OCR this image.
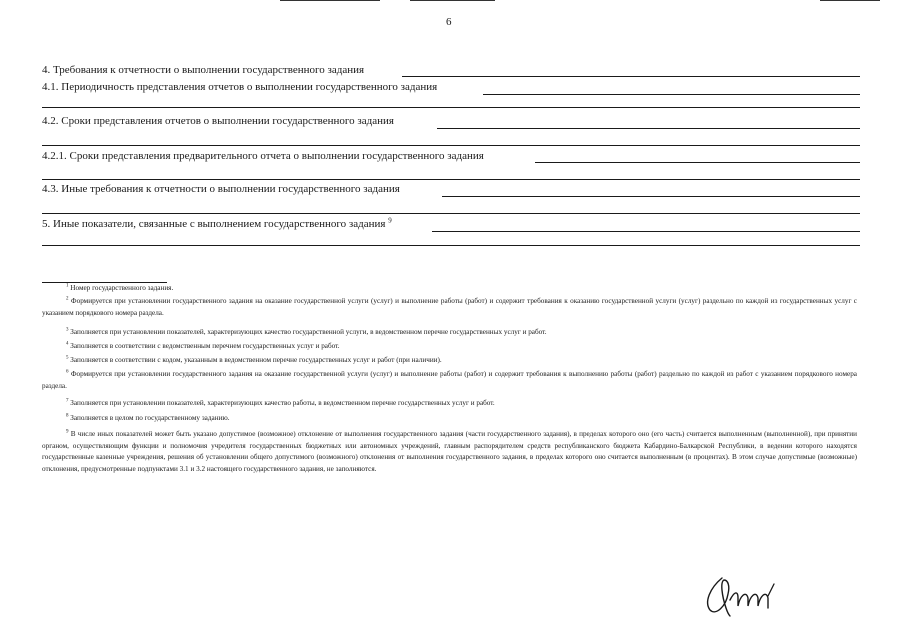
6
4. Требования к отчетности о выполнении государственного задания
4.1. Периодичность представления отчетов о выполнении государственного задания
4.2. Сроки представления отчетов о выполнении государственного задания
4.2.1. Сроки представления предварительного отчета о выполнении государственного задания
4.3. Иные требования к отчетности о выполнении государственного задания
5. Иные показатели, связанные с выполнением государственного задания $^9$
$^1$ Номер государственного задания.
$^2$ Формируется при установлении государственного задания на оказание государственной услуги (услуг) и выполнение работы (работ) и содержит требования к оказанию государственной услуги (услуг) раздельно по каждой из государственных услуг с указанием порядкового номера раздела.
$^3$ Заполняется при установлении показателей, характеризующих качество государственной услуги, в ведомственном перечне государственных услуг и работ.
$^4$ Заполняется в соответствии с ведомственным перечнем государственных услуг и работ.
$^5$ Заполняется в соответствии с кодом, указанным в ведомственном перечне государственных услуг и работ (при наличии).
$^6$ Формируется при установлении государственного задания на оказание государственной услуги (услуг) и выполнение работы (работ) и содержит требования к выполнению работы (работ) раздельно по каждой из работ с указанием порядкового номера раздела.
$^7$ Заполняется при установлении показателей, характеризующих качество работы, в ведомственном перечне государственных услуг и работ.
$^8$ Заполняется в целом по государственному заданию.
$^9$ В числе иных показателей может быть указано допустимое (возможное) отклонение от выполнения государственного задания (части государственного задания), в пределах которого оно (его часть) считается выполненным (выполненной), при принятии органом, осуществляющим функции и полномочия учредителя государственных бюджетных или автономных учреждений, главным распорядителем средств республиканского бюджета Кабардино-Балкарской Республики, в ведении которого находятся государственные казенные учреждения, решения об установлении общего допустимого (возможного) отклонения от выполнения государственного задания, в пределах которого оно считается выполненным (в процентах). В этом случае допустимые (возможные) отклонения, предусмотренные подпунктами 3.1 и 3.2 настоящего государственного задания, не заполняются.
